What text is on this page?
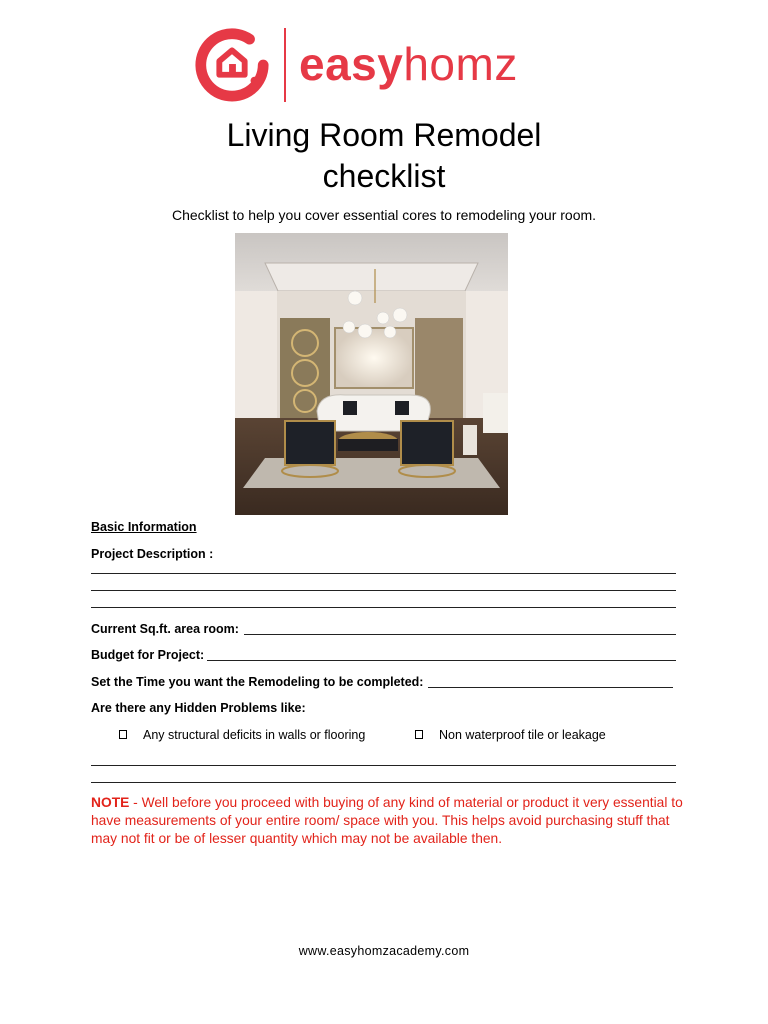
easyhomz
Living Room Remodel
checklist
Checklist to help you cover essential cores to remodeling your room.
Basic Information
Project Description :
Current Sq.ft. area room:
Budget for Project:
Set the Time you want the Remodeling to be completed:
Are there any Hidden Problems like:
Any structural deficits in walls or flooring	Non waterproof tile or leakage
NOTE - Well before you proceed with buying of any kind of material or product it very essential to have measurements of your entire room/ space with you. This helps avoid purchasing stuff that may not fit or be of lesser quantity which may not be available then.
www.easyhomzacademy.com
